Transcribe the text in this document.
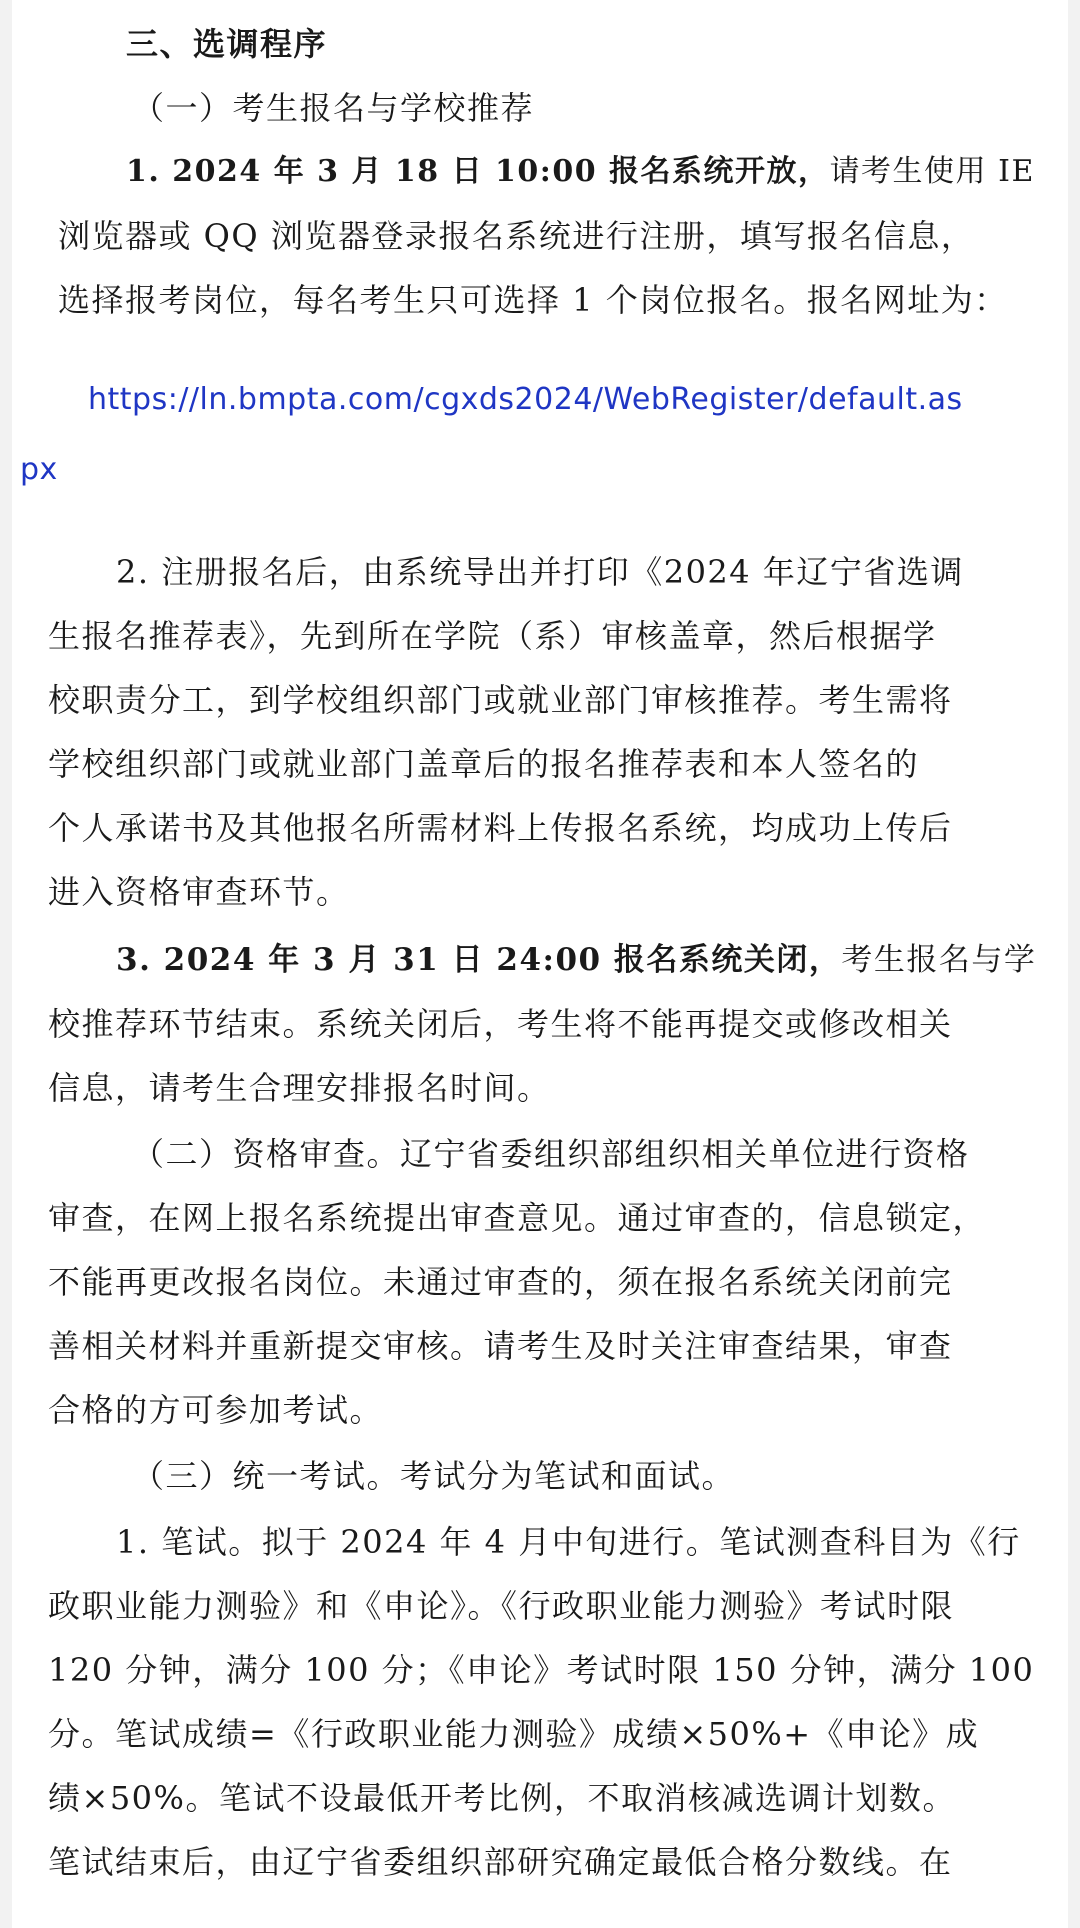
三、选调程序
（一）考生报名与学校推荐
1. 2024 年 3 月 18 日 10:00 报名系统开放，请考生使用 IE
浏览器或 QQ 浏览器登录报名系统进行注册，填写报名信息，
选择报考岗位，每名考生只可选择 1 个岗位报名。报名网址为：
https://ln.bmpta.com/cgxds2024/WebRegister/default.as
px
2. 注册报名后，由系统导出并打印《2024 年辽宁省选调
生报名推荐表》，先到所在学院（系）审核盖章，然后根据学
校职责分工，到学校组织部门或就业部门审核推荐。考生需将
学校组织部门或就业部门盖章后的报名推荐表和本人签名的
个人承诺书及其他报名所需材料上传报名系统，均成功上传后
进入资格审查环节。
3. 2024 年 3 月 31 日 24:00 报名系统关闭，考生报名与学
校推荐环节结束。系统关闭后，考生将不能再提交或修改相关
信息，请考生合理安排报名时间。
（二）资格审查。辽宁省委组织部组织相关单位进行资格
审查，在网上报名系统提出审查意见。通过审查的，信息锁定，
不能再更改报名岗位。未通过审查的，须在报名系统关闭前完
善相关材料并重新提交审核。请考生及时关注审查结果，审查
合格的方可参加考试。
（三）统一考试。考试分为笔试和面试。
1. 笔试。拟于 2024 年 4 月中旬进行。笔试测查科目为《行
政职业能力测验》和《申论》。《行政职业能力测验》考试时限
120 分钟，满分 100 分；《申论》考试时限 150 分钟，满分 100
分。笔试成绩=《行政职业能力测验》成绩×50%+《申论》成
绩×50%。笔试不设最低开考比例，不取消核减选调计划数。
笔试结束后，由辽宁省委组织部研究确定最低合格分数线。在
